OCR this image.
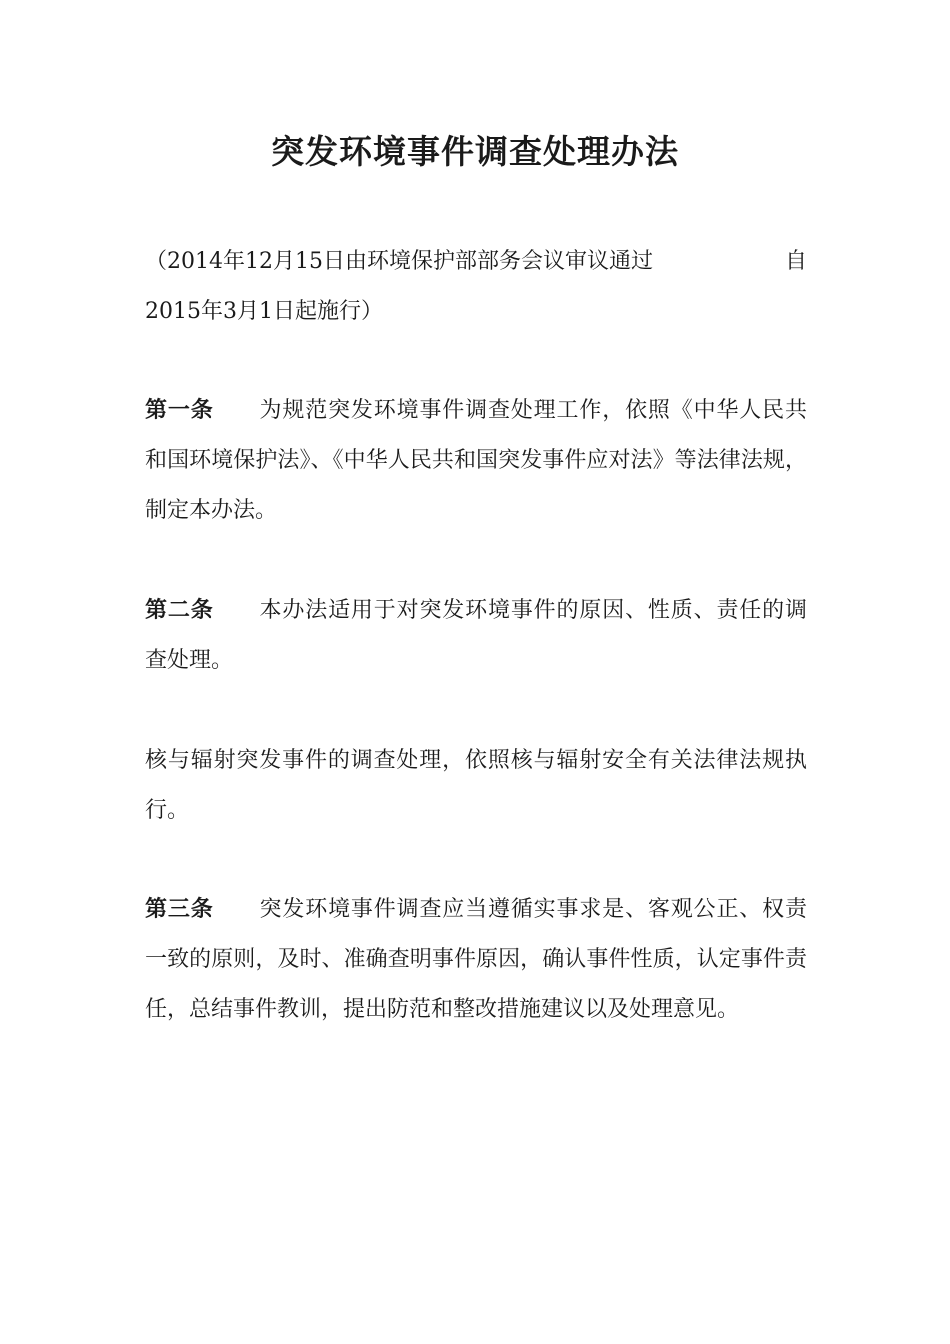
突发环境事件调查处理办法

（2014年12月15日由环境保护部部务会议审议通过	自

2015年3月1日起施行）

第一条 为规范突发环境事件调查处理工作，依照《中华人民共和国环境保护法》、《中华人民共和国突发事件应对法》等法律法规，制定本办法。

第二条 本办法适用于对突发环境事件的原因、性质、责任的调查处理。

核与辐射突发事件的调查处理，依照核与辐射安全有关法律法规执行。

第三条 突发环境事件调查应当遵循实事求是、客观公正、权责一致的原则，及时、准确查明事件原因，确认事件性质，认定事件责任，总结事件教训，提出防范和整改措施建议以及处理意见。
